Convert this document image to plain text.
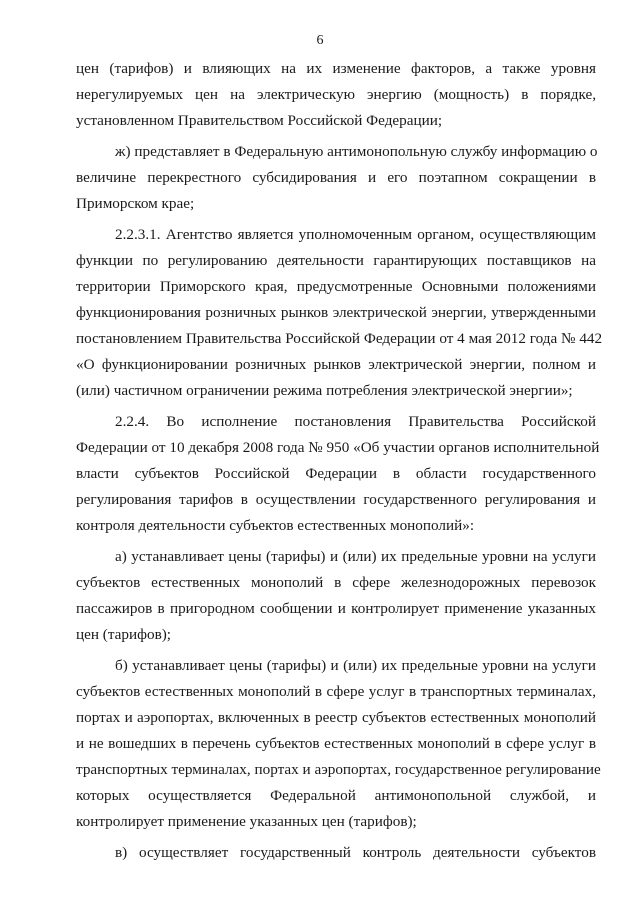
6
цен (тарифов) и влияющих на их изменение факторов, а также уровня
нерегулируемых цен на электрическую энергию (мощность) в порядке,
установленном Правительством Российской Федерации;
ж) представляет в Федеральную антимонопольную службу информацию о
величине перекрестного субсидирования и его поэтапном сокращении в
Приморском крае;
2.2.3.1. Агентство является уполномоченным органом, осуществляющим
функции по регулированию деятельности гарантирующих поставщиков на
территории Приморского края, предусмотренные Основными положениями
функционирования розничных рынков электрической энергии, утвержденными
постановлением Правительства Российской Федерации от 4 мая 2012 года № 442
«О функционировании розничных рынков электрической энергии, полном и
(или) частичном ограничении режима потребления электрической энергии»;
2.2.4. Во исполнение постановления Правительства Российской
Федерации от 10 декабря 2008 года № 950 «Об участии органов исполнительной
власти субъектов Российской Федерации в области государственного
регулирования тарифов в осуществлении государственного регулирования и
контроля деятельности субъектов естественных монополий»:
а) устанавливает цены (тарифы) и (или) их предельные уровни на услуги
субъектов естественных монополий в сфере железнодорожных перевозок
пассажиров в пригородном сообщении и контролирует применение указанных
цен (тарифов);
б) устанавливает цены (тарифы) и (или) их предельные уровни на услуги
субъектов естественных монополий в сфере услуг в транспортных терминалах,
портах и аэропортах, включенных в реестр субъектов естественных монополий
и не вошедших в перечень субъектов естественных монополий в сфере услуг в
транспортных терминалах, портах и аэропортах, государственное регулирование
которых осуществляется Федеральной антимонопольной службой, и
контролирует применение указанных цен (тарифов);
в) осуществляет государственный контроль деятельности субъектов
